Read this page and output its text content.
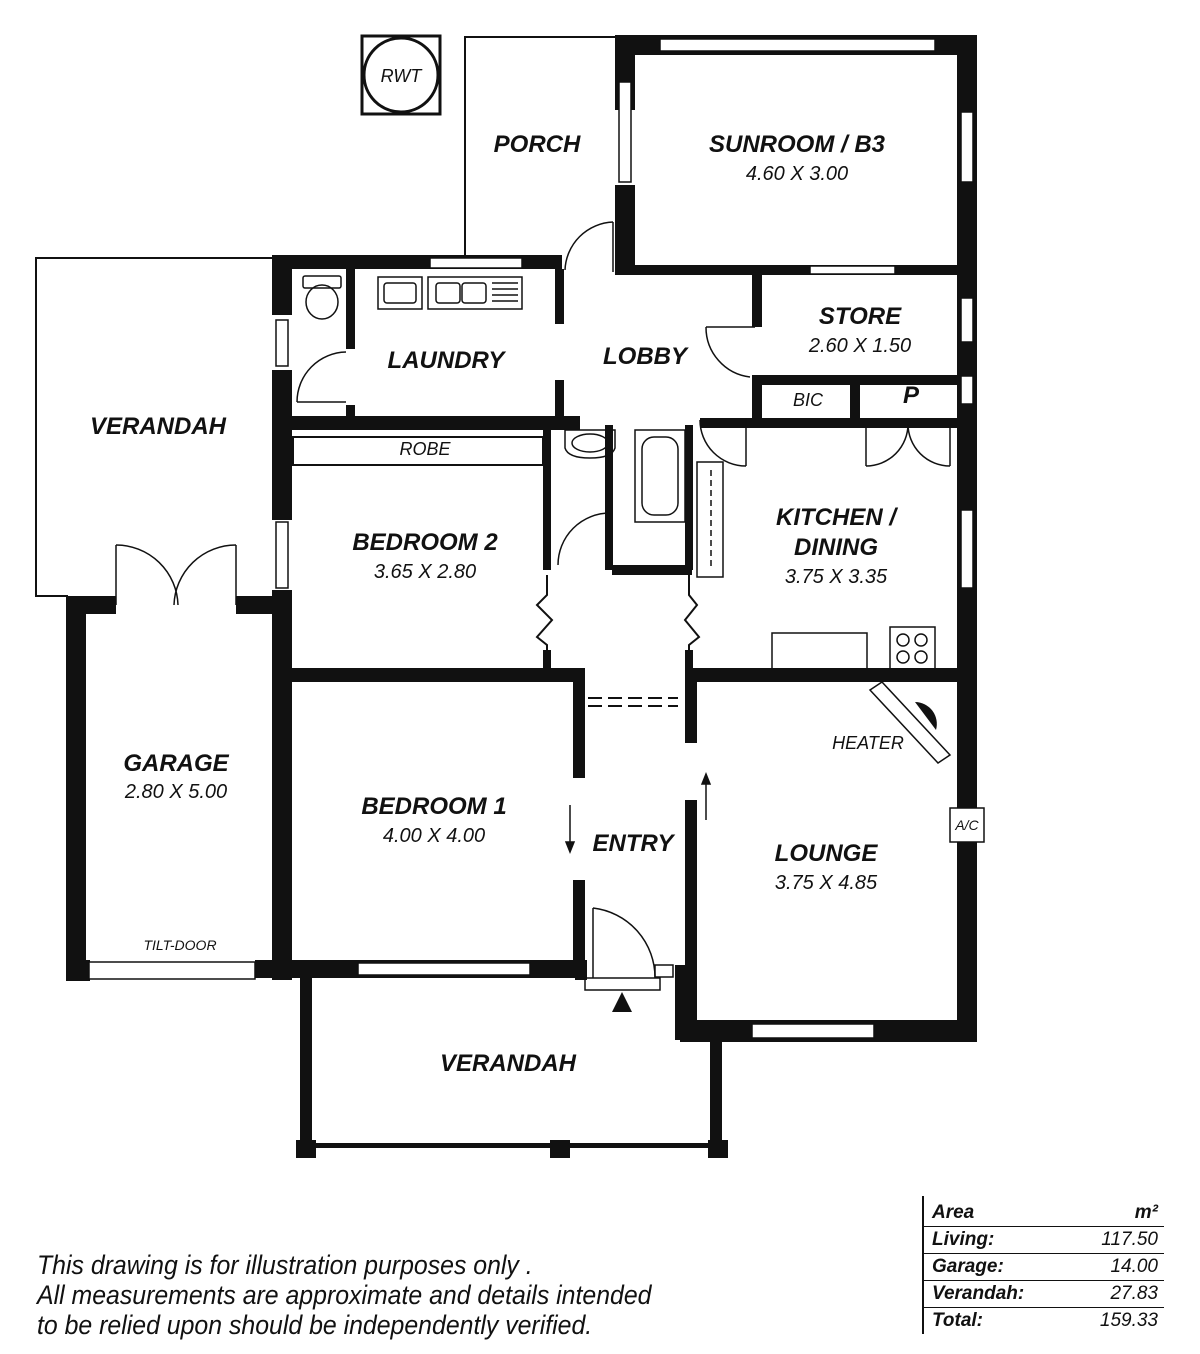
RWT
A/C
PORCH	SUNROOM / B3
4.60 X 3.00
STORE
2.60 X 1.50
BIC	P
LAUNDRY	LOBBY
VERANDAH
ROBE
BEDROOM 2
3.65 X 2.80
KITCHEN /
DINING
3.75 X 3.35
HEATER
GARAGE
2.80 X 5.00
BEDROOM 1
4.00 X 4.00	ENTRY	LOUNGE
3.75 X 4.85
TILT-DOOR
VERANDAH
This drawing is for illustration purposes only .
All measurements are approximate and details intended
to be relied upon should be independently verified.
Area	m²
Living:	117.50
Garage:	14.00
Verandah:	27.83
Total:	159.33
